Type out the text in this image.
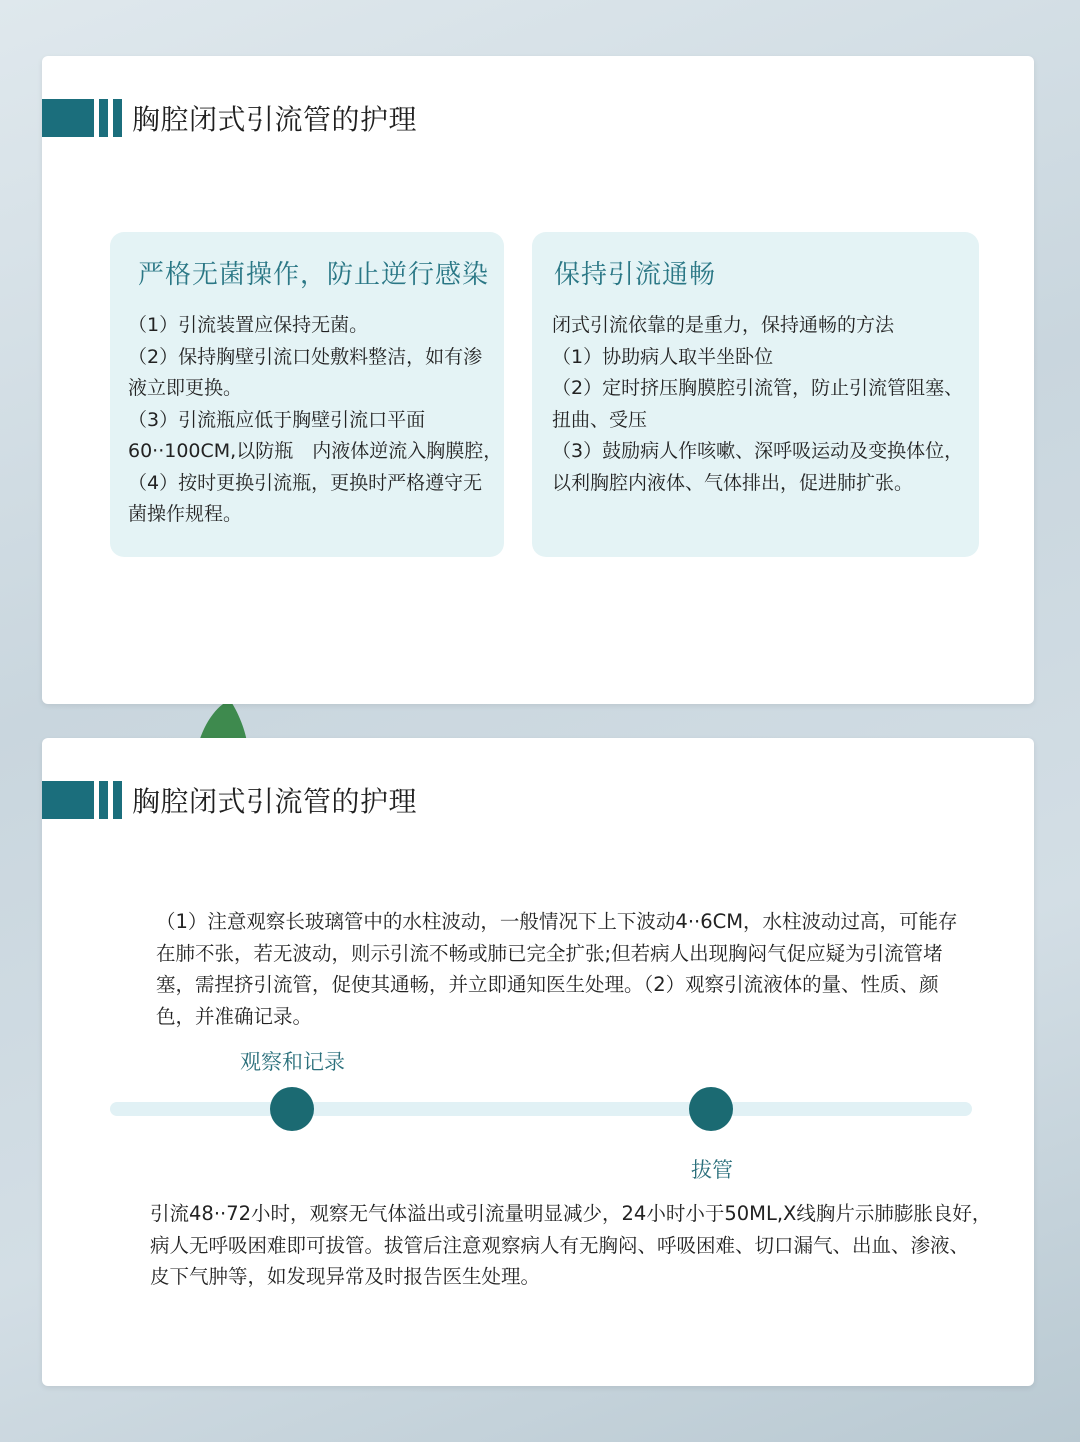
胸腔闭式引流管的护理
严格无菌操作，防止逆行感染
（1）引流装置应保持无菌。
（2）保持胸壁引流口处敷料整洁，如有渗
液立即更换。
（3）引流瓶应低于胸壁引流口平面
60··100CM,以防瓶　内液体逆流入胸膜腔，
（4）按时更换引流瓶，更换时严格遵守无
菌操作规程。
保持引流通畅
闭式引流依靠的是重力，保持通畅的方法
（1）协助病人取半坐卧位
（2）定时挤压胸膜腔引流管，防止引流管阻塞、
扭曲、受压
（3）鼓励病人作咳嗽、深呼吸运动及变换体位，
以利胸腔内液体、气体排出，促进肺扩张。
胸腔闭式引流管的护理
（1）注意观察长玻璃管中的水柱波动，一般情况下上下波动4··6CM，水柱波动过高，可能存
在肺不张，若无波动，则示引流不畅或肺已完全扩张;但若病人出现胸闷气促应疑为引流管堵
塞，需捏挤引流管，促使其通畅，并立即通知医生处理。（2）观察引流液体的量、性质、颜
色，并准确记录。
观察和记录
拔管
引流48··72小时，观察无气体溢出或引流量明显减少，24小时小于50ML,X线胸片示肺膨胀良好，
病人无呼吸困难即可拔管。拔管后注意观察病人有无胸闷、呼吸困难、切口漏气、出血、渗液、
皮下气肿等，如发现异常及时报告医生处理。
